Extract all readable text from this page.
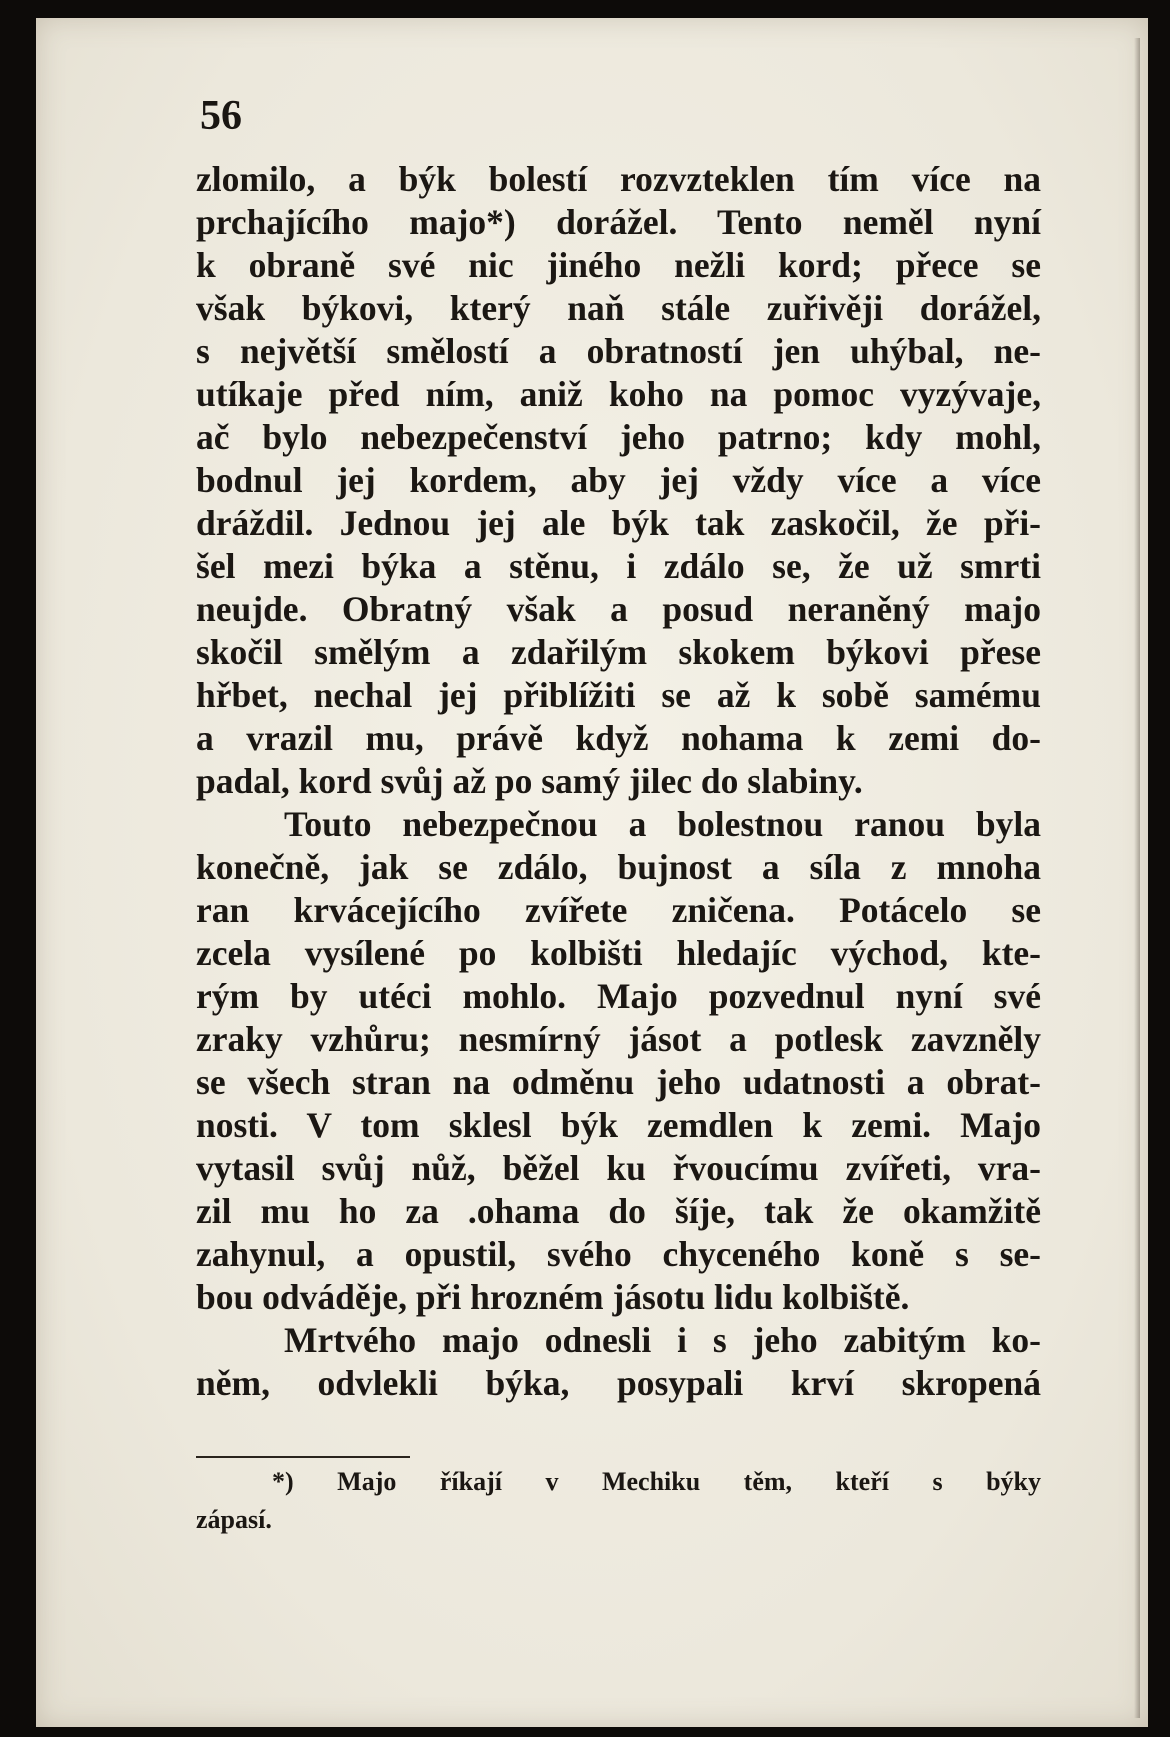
56
zlomilo, a býk bolestí rozvzteklen tím více na
prchajícího majo*) dorážel. Tento neměl nyní
k obraně své nic jiného nežli kord; přece se
však býkovi, který naň stále zuřivěji dorážel,
s největší smělostí a obratností jen uhýbal, ne-
utíkaje před ním, aniž koho na pomoc vyzývaje,
ač bylo nebezpečenství jeho patrno; kdy mohl,
bodnul jej kordem, aby jej vždy více a více
dráždil. Jednou jej ale býk tak zaskočil, že při-
šel mezi býka a stěnu, i zdálo se, že už smrti
neujde. Obratný však a posud neraněný majo
skočil smělým a zdařilým skokem býkovi přese
hřbet, nechal jej přiblížiti se až k sobě samému
a vrazil mu, právě když nohama k zemi do-
padal, kord svůj až po samý jilec do slabiny.
Touto nebezpečnou a bolestnou ranou byla
konečně, jak se zdálo, bujnost a síla z mnoha
ran krvácejícího zvířete zničena. Potácelo se
zcela vysílené po kolbišti hledajíc východ, kte-
rým by utéci mohlo. Majo pozvednul nyní své
zraky vzhůru; nesmírný jásot a potlesk zavzněly
se všech stran na odměnu jeho udatnosti a obrat-
nosti. V tom sklesl býk zemdlen k zemi. Majo
vytasil svůj nůž, běžel ku řvoucímu zvířeti, vra-
zil mu ho za .ohama do šíje, tak že okamžitě
zahynul, a opustil, svého chyceného koně s se-
bou odváděje, při hrozném jásotu lidu kolbiště.
Mrtvého majo odnesli i s jeho zabitým ko-
něm, odvlekli býka, posypali krví skropená
*) Majo říkají v Mechiku těm, kteří s býky
zápasí.
